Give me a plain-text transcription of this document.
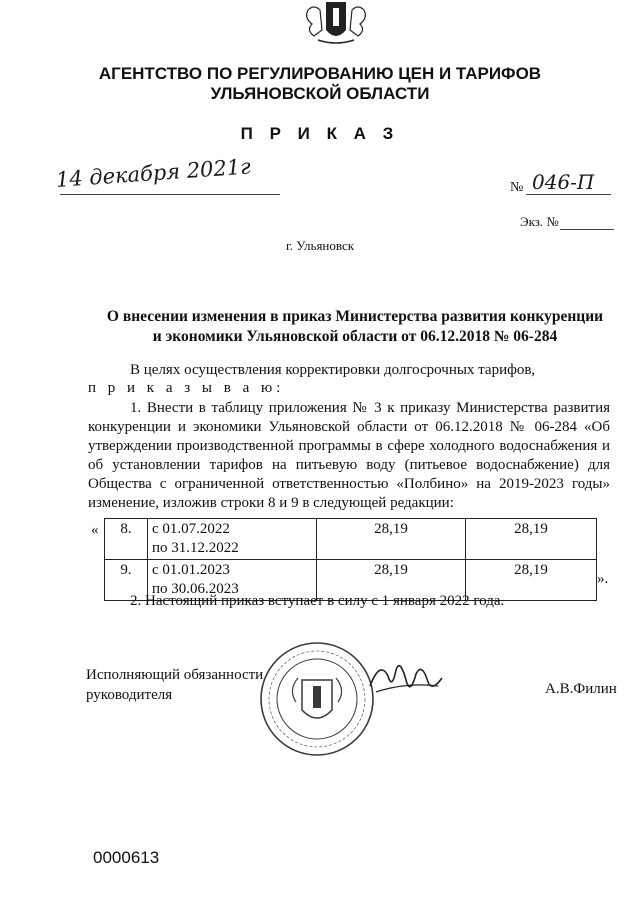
АГЕНТСТВО ПО РЕГУЛИРОВАНИЮ ЦЕН И ТАРИФОВ
УЛЬЯНОВСКОЙ ОБЛАСТИ
П Р И К А З
14 декабря 2021г	№ 046-П
Экз. №
г. Ульяновск
О внесении изменения в приказ Министерства развития конкуренции
и экономики Ульяновской области от 06.12.2018 № 06-284
В целях осуществления корректировки долгосрочных тарифов,
п р и к а з ы в а ю:
1. Внести в таблицу приложения № 3 к приказу Министерства развития конкуренции и экономики Ульяновской области от 06.12.2018 № 06-284 «Об утверждении производственной программы в сфере холодного водоснабжения и об установлении тарифов на питьевую воду (питьевое водоснабжение) для Общества с ограниченной ответственностью «Полбино» на 2019-2023 годы» изменение, изложив строки 8 и 9 в следующей редакции:
« 8.	с 01.07.2022
по 31.12.2022	28,19	28,19
9.	с 01.01.2023
по 30.06.2023	28,19	28,19
».
2. Настоящий приказ вступает в силу с 1 января 2022 года.
Исполняющий обязанности
руководителя	А.В.Филин
0000613
